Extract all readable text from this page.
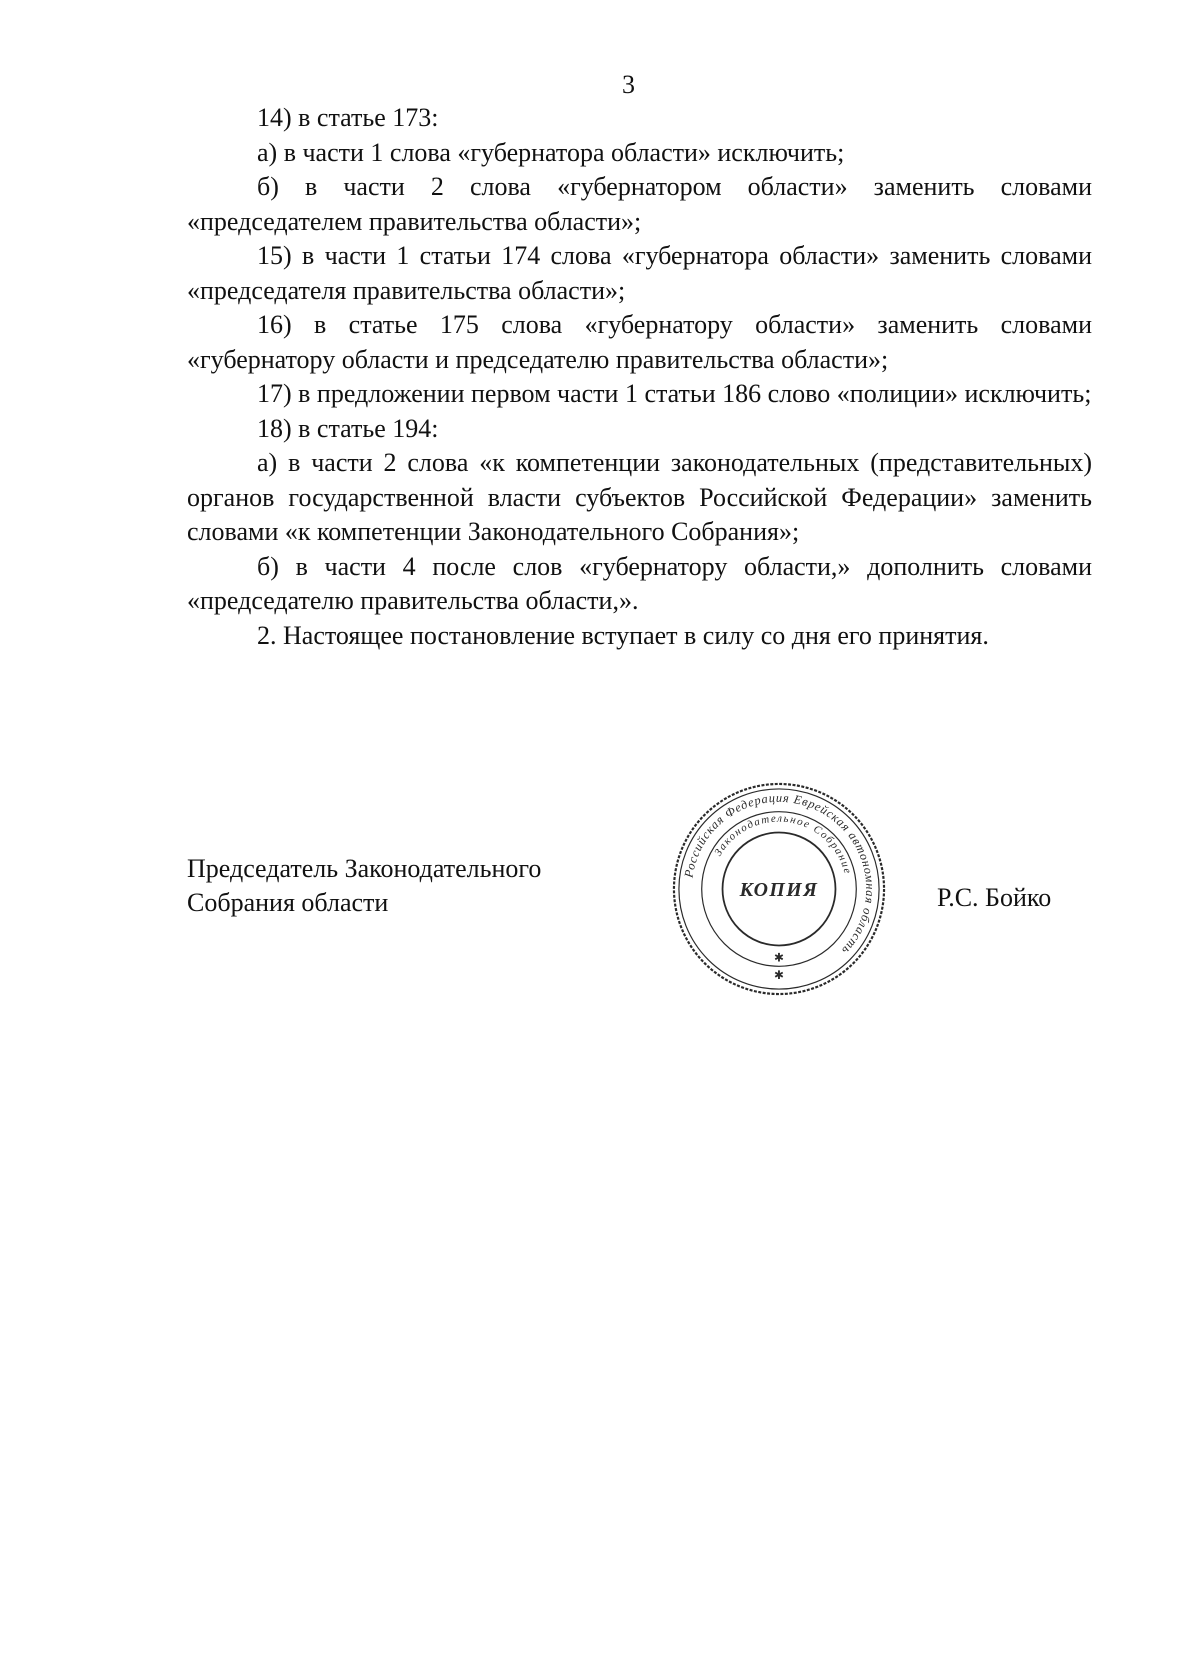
3

14) в статье 173:

а) в части 1 слова «губернатора области» исключить;

б) в части 2 слова «губернатором области» заменить словами «председателем правительства области»;

15) в части 1 статьи 174 слова «губернатора области» заменить словами «председателя правительства области»;

16) в статье 175 слова «губернатору области» заменить словами «губернатору области и председателю правительства области»;

17) в предложении первом части 1 статьи 186 слово «полиции» исключить;

18) в статье 194:

а) в части 2 слова «к компетенции законодательных (представительных) органов государственной власти субъектов Российской Федерации» заменить словами «к компетенции Законодательного Собрания»;

б) в части 4 после слов «губернатору области,» дополнить словами «председателю правительства области,».

2. Настоящее постановление вступает в силу со дня его принятия.

Председатель Законодательного
Собрания области	Р.С. Бойко
Российская Федерация Еврейская автономная область
Законодательное Собрание
КОПИЯ
✱
✱
